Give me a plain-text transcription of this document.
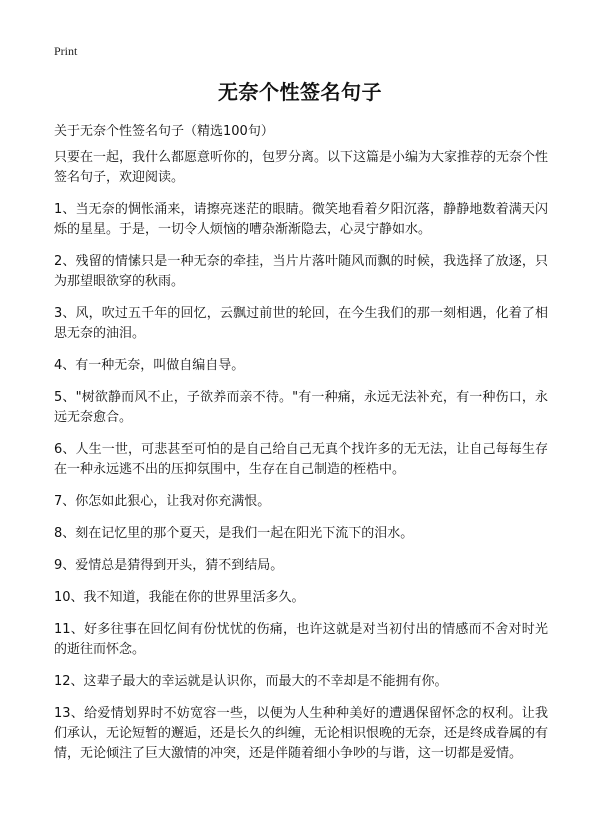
Print
无奈个性签名句子
关于无奈个性签名句子（精选100句）

只要在一起，我什么都愿意听你的，包罗分离。以下这篇是小编为大家推荐的无奈个性签名句子，欢迎阅读。

1、当无奈的惆怅涌来，请擦亮迷茫的眼睛。微笑地看着夕阳沉落，静静地数着满天闪烁的星星。于是，一切令人烦恼的嘈杂渐渐隐去，心灵宁静如水。

2、残留的情愫只是一种无奈的牵挂，当片片落叶随风而飘的时候，我选择了放逐，只为那望眼欲穿的秋雨。

3、风，吹过五千年的回忆，云飘过前世的轮回，在今生我们的那一刻相遇，化着了相思无奈的油泪。

4、有一种无奈，叫做自编自导。

5、"树欲静而风不止，子欲养而亲不待。"有一种痛，永远无法补充，有一种伤口，永远无奈愈合。

6、人生一世，可悲甚至可怕的是自己给自己无真个找许多的无无法，让自己每每生存在一种永远逃不出的压抑氛围中，生存在自己制造的桎梏中。

7、你怎如此狠心，让我对你充满恨。

8、刻在记忆里的那个夏天，是我们一起在阳光下流下的泪水。

9、爱情总是猜得到开头，猜不到结局。

10、我不知道，我能在你的世界里活多久。

11、好多往事在回忆间有份忧忧的伤痛，也许这就是对当初付出的情感而不舍对时光的逝往而怀念。

12、这辈子最大的幸运就是认识你，而最大的不幸却是不能拥有你。

13、给爱情划界时不妨宽容一些，以便为人生种种美好的遭遇保留怀念的权利。让我们承认，无论短暂的邂逅，还是长久的纠缠，无论相识恨晚的无奈，还是终成眷属的有情，无论倾注了巨大激情的冲突，还是伴随着细小争吵的与谐，这一切都是爱情。
